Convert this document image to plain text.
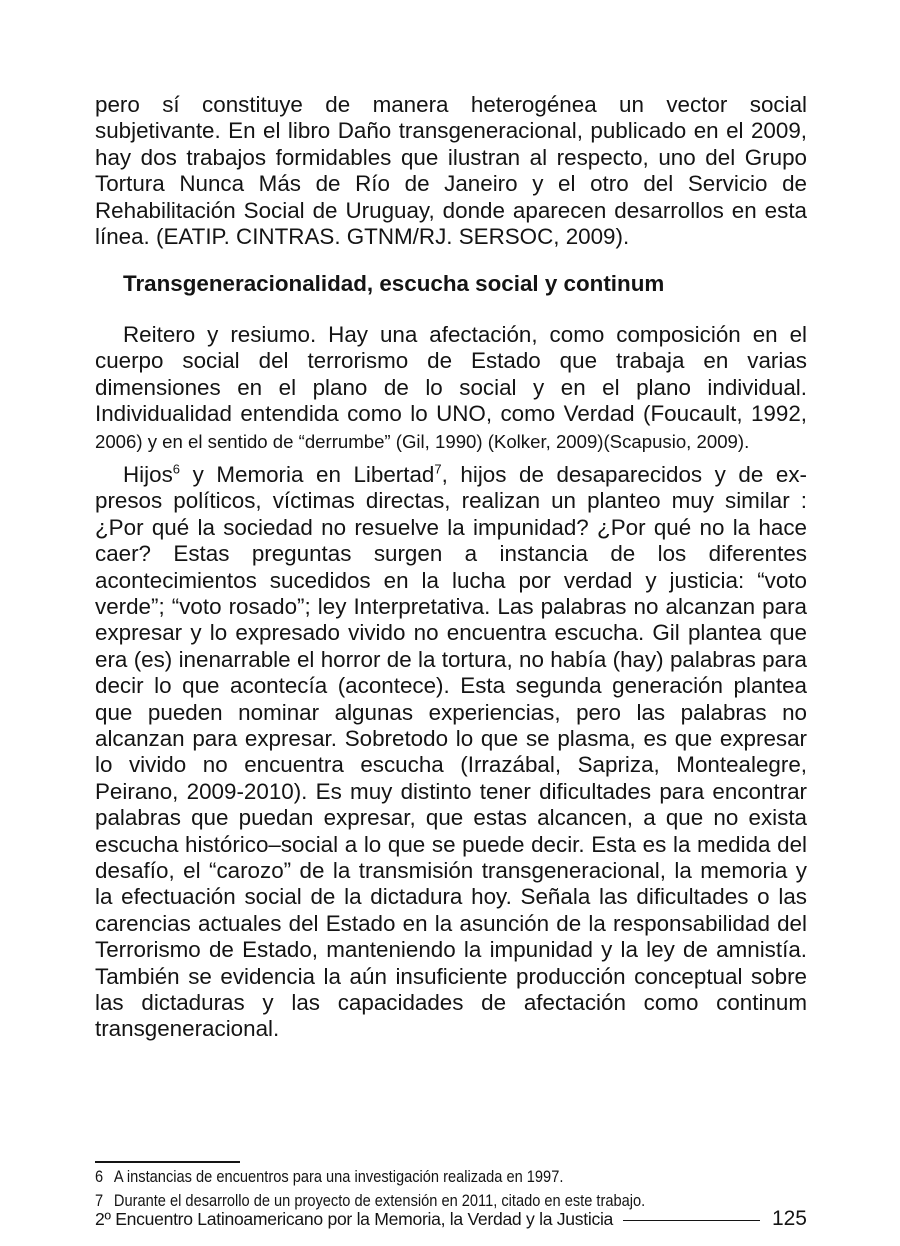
pero sí constituye de manera heterogénea un vector social subjetivante. En el libro Daño transgeneracional, publicado en el 2009, hay dos trabajos formidables que ilustran al respecto, uno del Grupo Tortura Nunca Más de Río de Janeiro y el otro del Servicio de Rehabilitación Social de Uruguay, donde aparecen desarrollos en esta línea. (EATIP. CINTRAS. GTNM/RJ. SERSOC, 2009).

Transgeneracionalidad, escucha social y continum

Reitero y resiumo. Hay una afectación, como composición en el cuerpo social del terrorismo de Estado que trabaja en varias dimensiones en el plano de lo social y en el plano individual. Individualidad entendida como lo UNO, como Verdad (Foucault, 1992, 2006) y en el sentido de “derrumbe” (Gil, 1990) (Kolker, 2009)(Scapusio, 2009).

Hijos$^6$ y Memoria en Libertad$^7$, hijos de desaparecidos y de ex-presos políticos, víctimas directas, realizan un planteo muy similar : ¿Por qué la sociedad no resuelve la impunidad? ¿Por qué no la hace caer? Estas preguntas surgen a instancia de los diferentes acontecimientos sucedidos en la lucha por verdad y justicia: “voto verde”; “voto rosado”; ley Interpretativa. Las palabras no alcanzan para expresar y lo expresado vivido no encuentra escucha. Gil plantea que era (es) inenarrable el horror de la tortura, no había (hay) palabras para decir lo que acontecía (acontece). Esta segunda generación plantea que pueden nominar algunas experiencias, pero las palabras no alcanzan para expresar. Sobretodo lo que se plasma, es que expresar lo vivido no encuentra escucha (Irrazábal, Sapriza, Montealegre, Peirano, 2009-2010). Es muy distinto tener dificultades para encontrar palabras que puedan expresar, que estas alcancen, a que no exista escucha histórico–social a lo que se puede decir. Esta es la medida del desafío, el “carozo” de la transmisión transgeneracional, la memoria y la efectuación social de la dictadura hoy. Señala las dificultades o las carencias actuales del Estado en la asunción de la responsabilidad del Terrorismo de Estado, manteniendo la impunidad y la ley de amnistía. También se evidencia la aún insuficiente producción conceptual sobre las dictaduras y las capacidades de afectación como continum transgeneracional.

6 A instancias de encuentros para una investigación realizada en 1997.
7 Durante el desarrollo de un proyecto de extensión en 2011, citado en este trabajo.
2º Encuentro Latinoamericano por la Memoria, la Verdad y la Justicia	125
